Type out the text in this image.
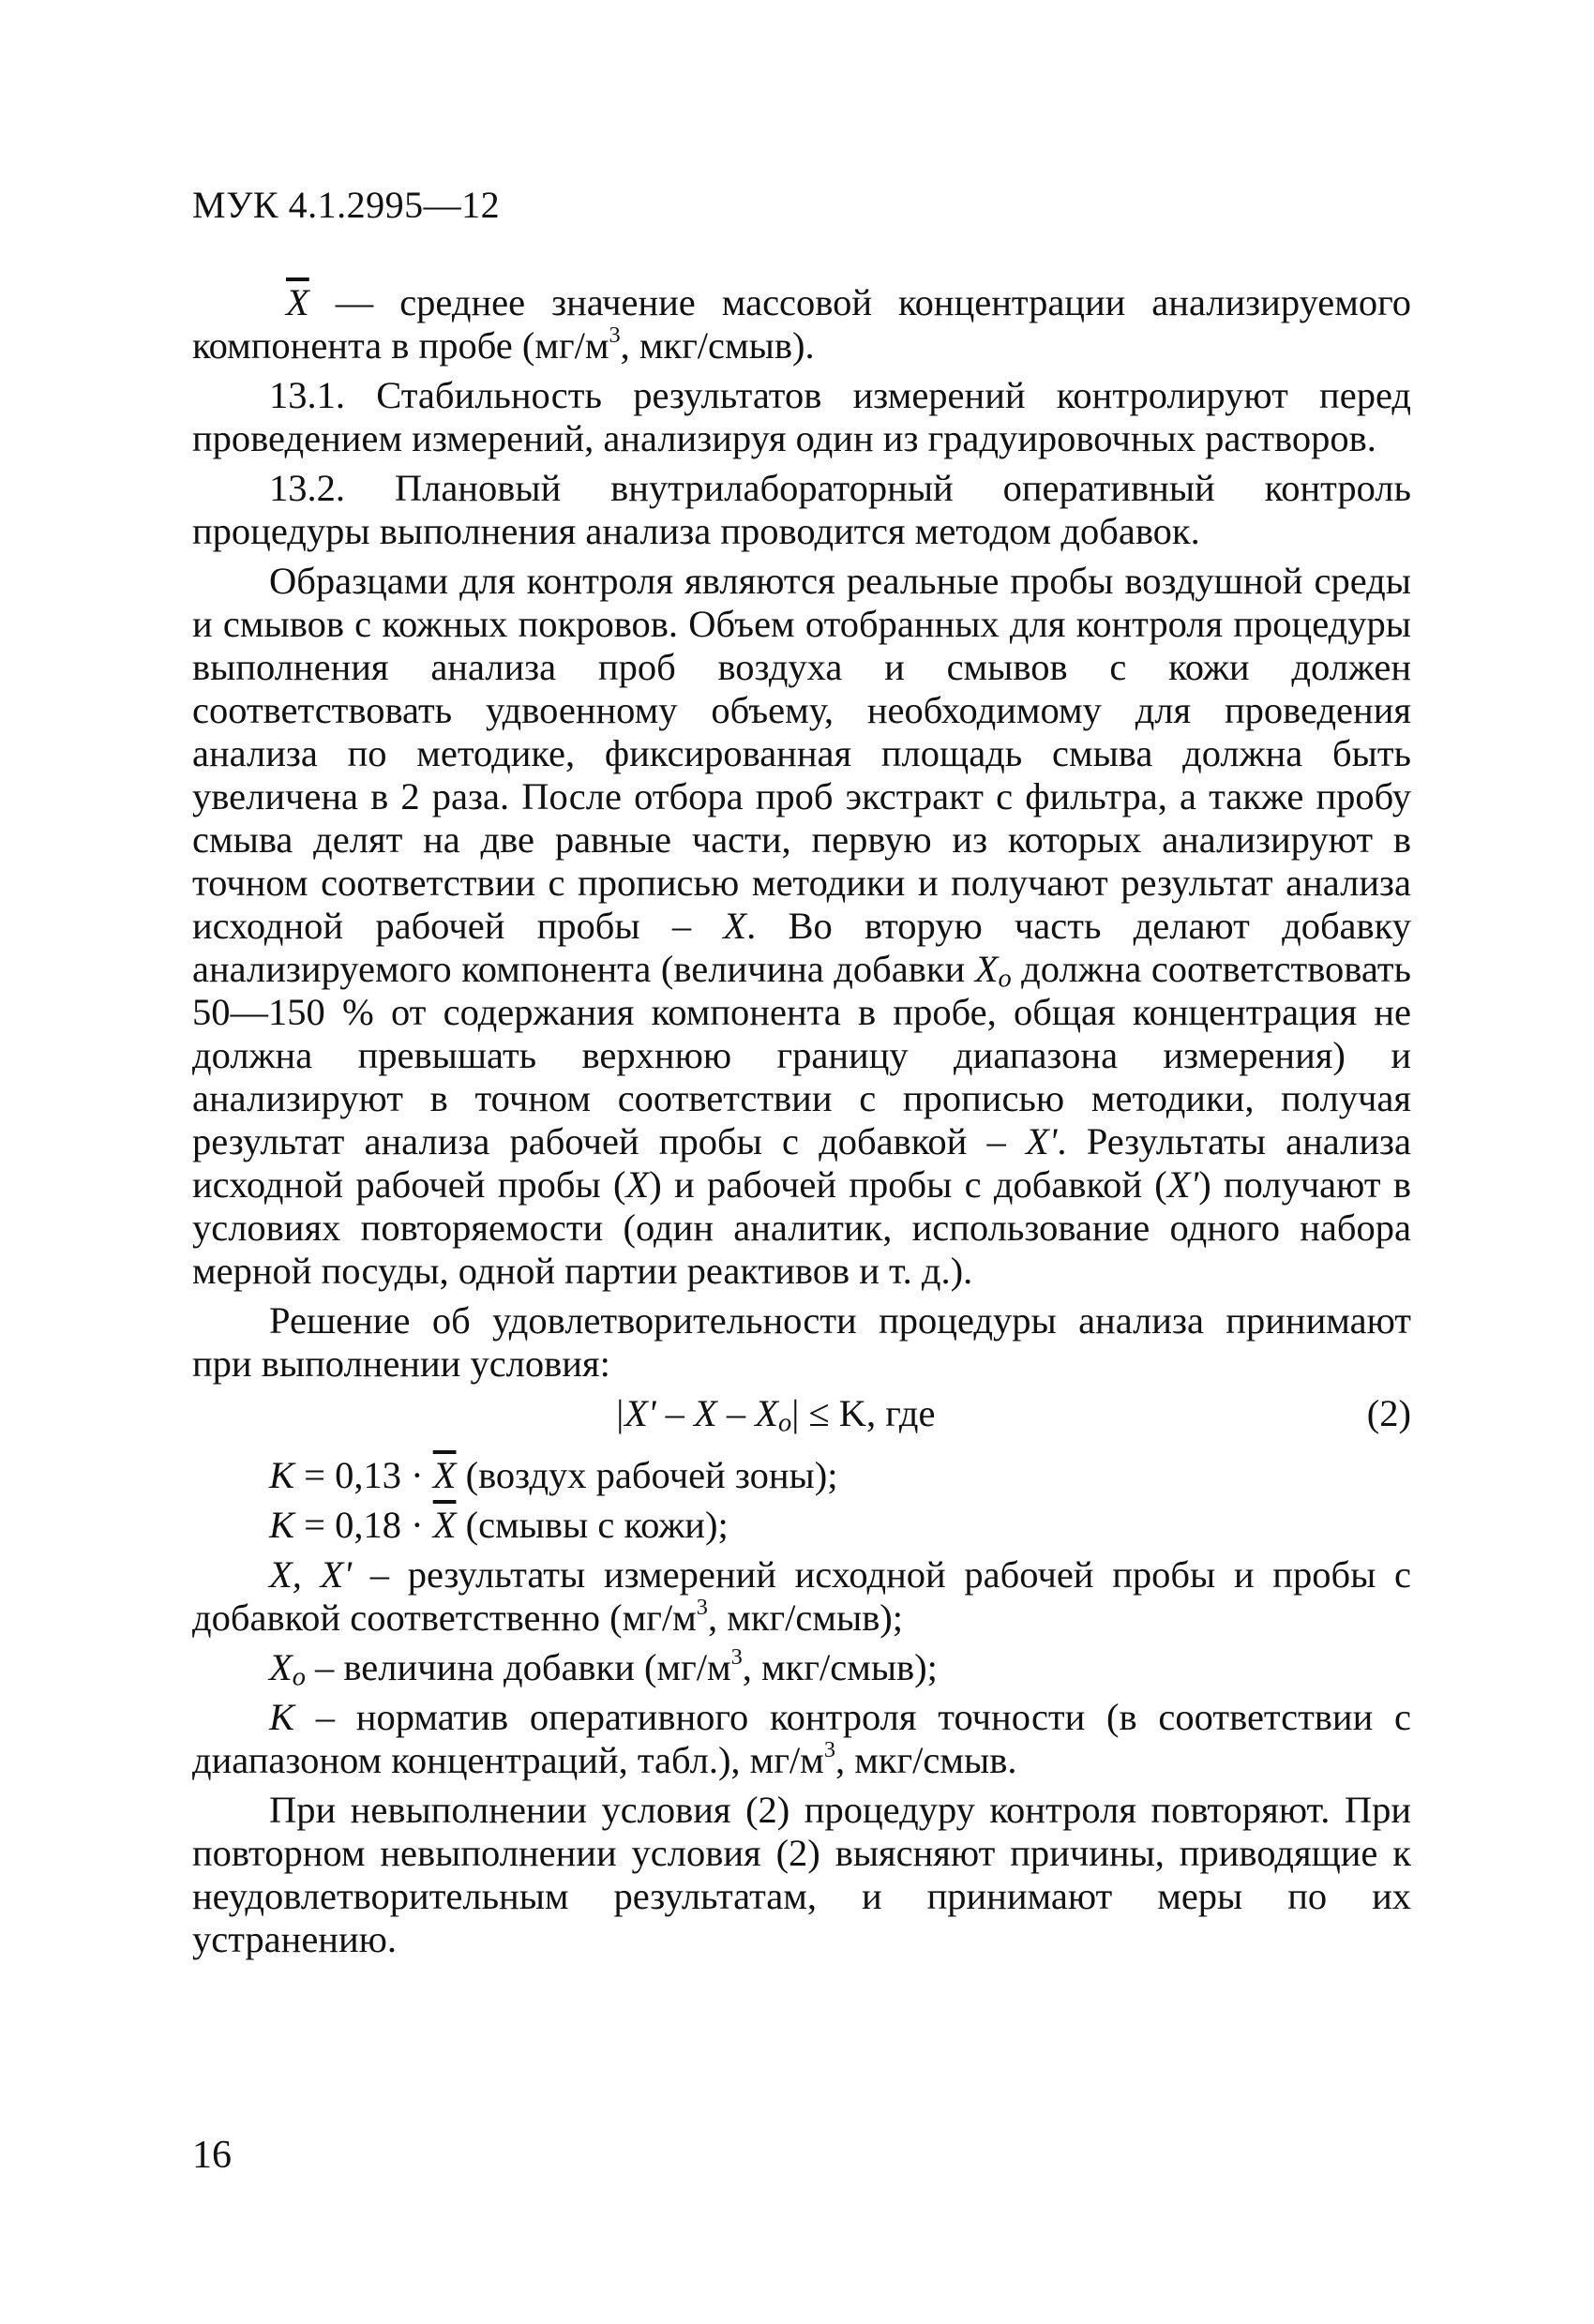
МУК 4.1.2995—12

$\overline{X}$ — среднее значение массовой концентрации анализируемого компонента в пробе ($мг/м^3$, мкг/смыв).

13.1. Стабильность результатов измерений контролируют перед проведением измерений, анализируя один из градуировочных растворов.

13.2. Плановый внутрилабораторный оперативный контроль процедуры выполнения анализа проводится методом добавок.

Образцами для контроля являются реальные пробы воздушной среды и смывов с кожных покровов. Объем отобранных для контроля процедуры выполнения анализа проб воздуха и смывов с кожи должен соответствовать удвоенному объему, необходимому для проведения анализа по методике, фиксированная площадь смыва должна быть увеличена в 2 раза. После отбора проб экстракт с фильтра, а также пробу смыва делят на две равные части, первую из которых анализируют в точном соответствии с прописью методики и получают результат анализа исходной рабочей пробы – X. Во вторую часть делают добавку анализируемого компонента (величина добавки $X_o$ должна соответствовать 50—150 % от содержания компонента в пробе, общая концентрация не должна превышать верхнюю границу диапазона измерения) и анализируют в точном соответствии с прописью методики, получая результат анализа рабочей пробы с добавкой – X'. Результаты анализа исходной рабочей пробы (X) и рабочей пробы с добавкой (X') получают в условиях повторяемости (один аналитик, использование одного набора мерной посуды, одной партии реактивов и т. д.).

Решение об удовлетворительности процедуры анализа принимают при выполнении условия:

$|X' - X - X_o| \le K$, где	(2)

$K = 0,13 \cdot \overline{X}$ (воздух рабочей зоны);

$K = 0,18 \cdot \overline{X}$ (смывы с кожи);

X, X' – результаты измерений исходной рабочей пробы и пробы с добавкой соответственно ($мг/м^3$, мкг/смыв);

$X_o$ – величина добавки ($мг/м^3$, мкг/смыв);

K – норматив оперативного контроля точности (в соответствии с диапазоном концентраций, табл.), $мг/м^3$, мкг/смыв.

При невыполнении условия (2) процедуру контроля повторяют. При повторном невыполнении условия (2) выясняют причины, приводящие к неудовлетворительным результатам, и принимают меры по их устранению.

16
